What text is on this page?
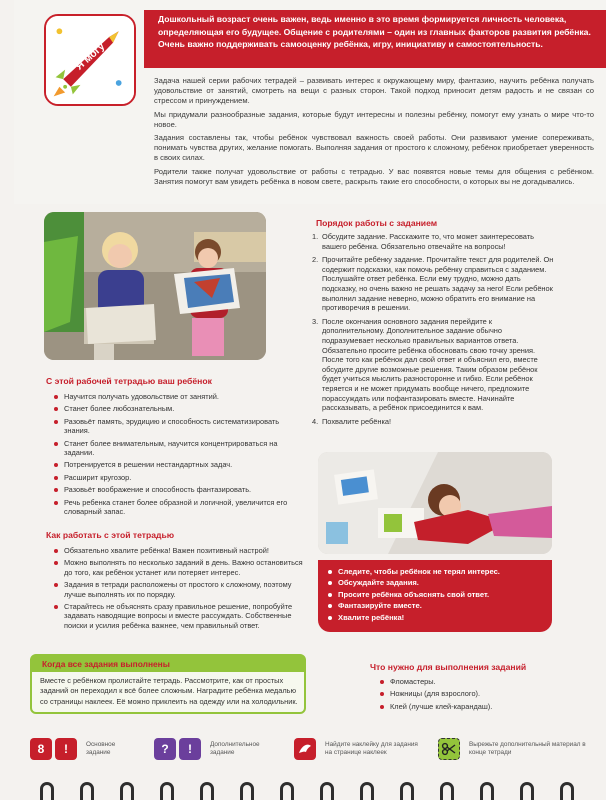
Я могу

Дошкольный возраст очень важен, ведь именно в это время формируется личность человека, определяющая его будущее. Общение с родителями – один из главных факторов развития ребёнка. Очень важно поддерживать самооценку ребёнка, игру, инициативу и самостоятельность.

Задача нашей серии рабочих тетрадей – развивать интерес к окружающему миру, фантазию, научить ребёнка получать удовольствие от занятий, смотреть на вещи с разных сторон. Такой подход приносит детям радость и не связан со стрессом и принуждением.

Мы придумали разнообразные задания, которые будут интересны и полезны ребёнку, помогут ему узнать о мире что-то новое.

Задания составлены так, чтобы ребёнок чувствовал важность своей работы. Они развивают умение сопереживать, понимать чувства других, желание помогать. Выполняя задания от простого к сложному, ребёнок приобретает уверенность в своих силах.

Родители также получат удовольствие от работы с тетрадью. У вас появятся новые темы для общения с ребёнком. Занятия помогут вам увидеть ребёнка в новом свете, раскрыть такие его способности, о которых вы не догадывались.

С этой рабочей тетрадью ваш ребёнок
Научится получать удовольствие от занятий.
Станет более любознательным.
Разовьёт память, эрудицию и способность систематизировать знания.
Станет более внимательным, научится концентрироваться на задании.
Потренируется в решении нестандартных задач.
Расширит кругозор.
Разовьёт воображение и способность фантазировать.
Речь ребенка станет более образной и логичной, увеличится его словарный запас.
Как работать с этой тетрадью
Обязательно хвалите ребёнка! Важен позитивный настрой!
Можно выполнять по несколько заданий в день. Важно остановиться до того, как ребёнок устанет или потеряет интерес.
Задания в тетради расположены от простого к сложному, поэтому лучше выполнять их по порядку.
Старайтесь не объяснять сразу правильное решение, попробуйте задавать наводящие вопросы и вместе рассуждать. Собственные поиски и усилия ребёнка важнее, чем правильный ответ.
Порядок работы с заданием
1. Обсудите задание. Расскажите то, что может заинтересовать вашего ребёнка. Обязательно отвечайте на вопросы!
2. Прочитайте ребёнку задание. Прочитайте текст для родителей. Он содержит подсказки, как помочь ребёнку справиться с заданием. Послушайте ответ ребёнка. Если ему трудно, можно дать подсказку, но очень важно не решать задачу за него! Если ребёнок выполнил задание неверно, можно обратить его внимание на противоречия в решении.
3. После окончания основного задания перейдите к дополнительному. Дополнительное задание обычно подразумевает несколько правильных вариантов ответа. Обязательно просите ребёнка обосновать свою точку зрения. После того как ребёнок дал свой ответ и объяснил его, вместе обсудите другие возможные решения. Таким образом ребёнок будет учиться мыслить разносторонне и гибко. Если ребёнок теряется и не может придумать вообще ничего, предложите порассуждать или пофантазировать вместе. Начинайте рассказывать, а ребёнок присоединится к вам.
4. Похвалите ребёнка!
Следите, чтобы ребёнок не терял интерес.
Обсуждайте задания.
Просите ребёнка объяснять свой ответ.
Фантазируйте вместе.
Хвалите ребёнка!
Когда все задания выполнены
Вместе с ребёнком пролистайте тетрадь. Рассмотрите, как от простых заданий он переходил к всё более сложным. Наградите ребёнка медалью со страницы наклеек. Её можно приклеить на одежду или на холодильник.
Что нужно для выполнения заданий
Фломастеры.
Ножницы (для взрослого).
Клей (лучше клей-карандаш).
8	!	Основное задание	?	!	Дополнительное задание
Найдите наклейку для задания на странице наклеек
Вырежьте дополнительный материал в конце тетради
